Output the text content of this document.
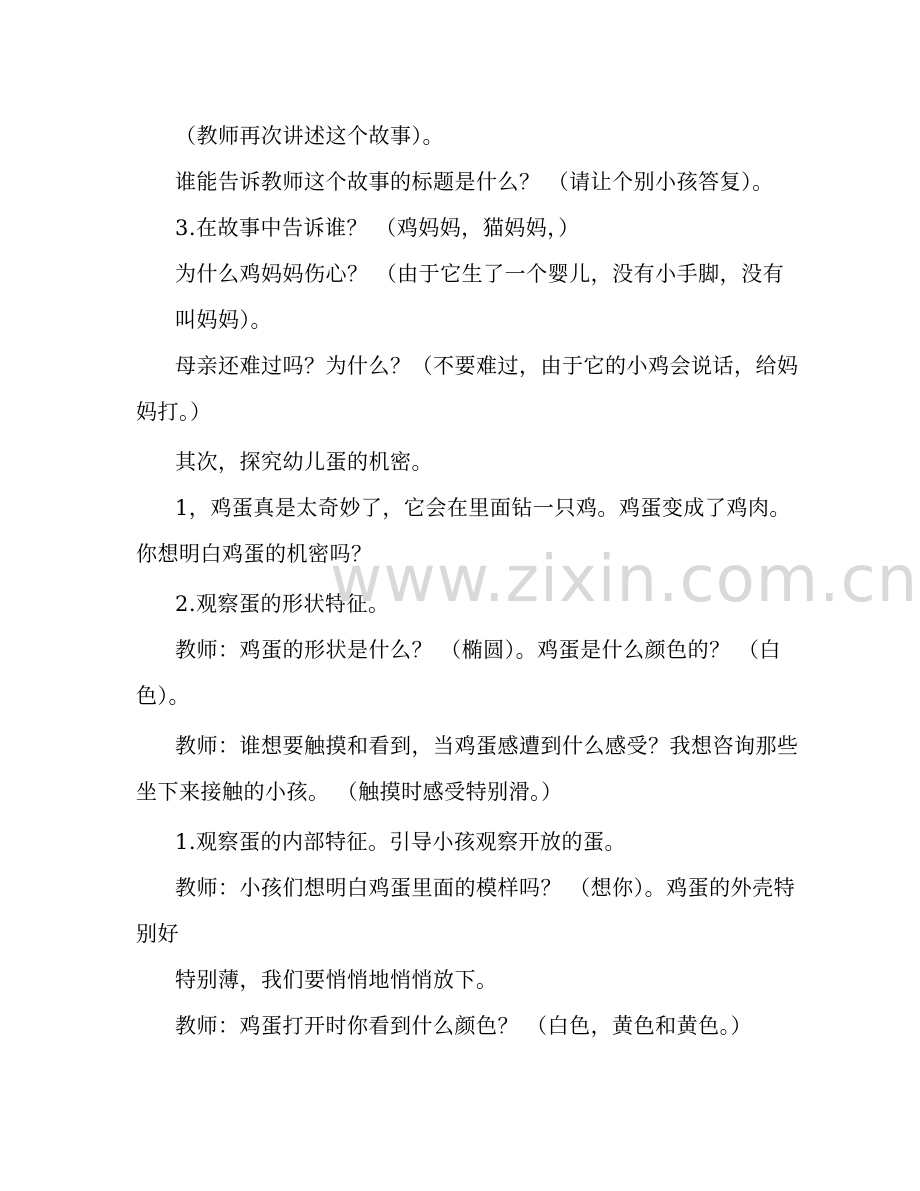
（教师再次讲述这个故事）。
谁能告诉教师这个故事的标题是什么？ （请让个别小孩答复）。
3.在故事中告诉谁？ （鸡妈妈，猫妈妈，）
为什么鸡妈妈伤心？ （由于它生了一个婴儿，没有小手脚，没有
叫妈妈）。
母亲还难过吗？为什么？（不要难过，由于它的小鸡会说话，给妈
妈打。）
其次，探究幼儿蛋的机密。
1，鸡蛋真是太奇妙了，它会在里面钻一只鸡。鸡蛋变成了鸡肉。
你想明白鸡蛋的机密吗？
2.观察蛋的形状特征。
教师：鸡蛋的形状是什么？ （椭圆）。鸡蛋是什么颜色的？ （白
色）。
教师：谁想要触摸和看到，当鸡蛋感遭到什么感受？我想咨询那些
坐下来接触的小孩。 （触摸时感受特别滑。）
1.观察蛋的内部特征。引导小孩观察开放的蛋。
教师：小孩们想明白鸡蛋里面的模样吗？ （想你）。鸡蛋的外壳特
别好
特别薄，我们要悄悄地悄悄放下。
教师：鸡蛋打开时你看到什么颜色？ （白色，黄色和黄色。）
www.zixin.com.cn
